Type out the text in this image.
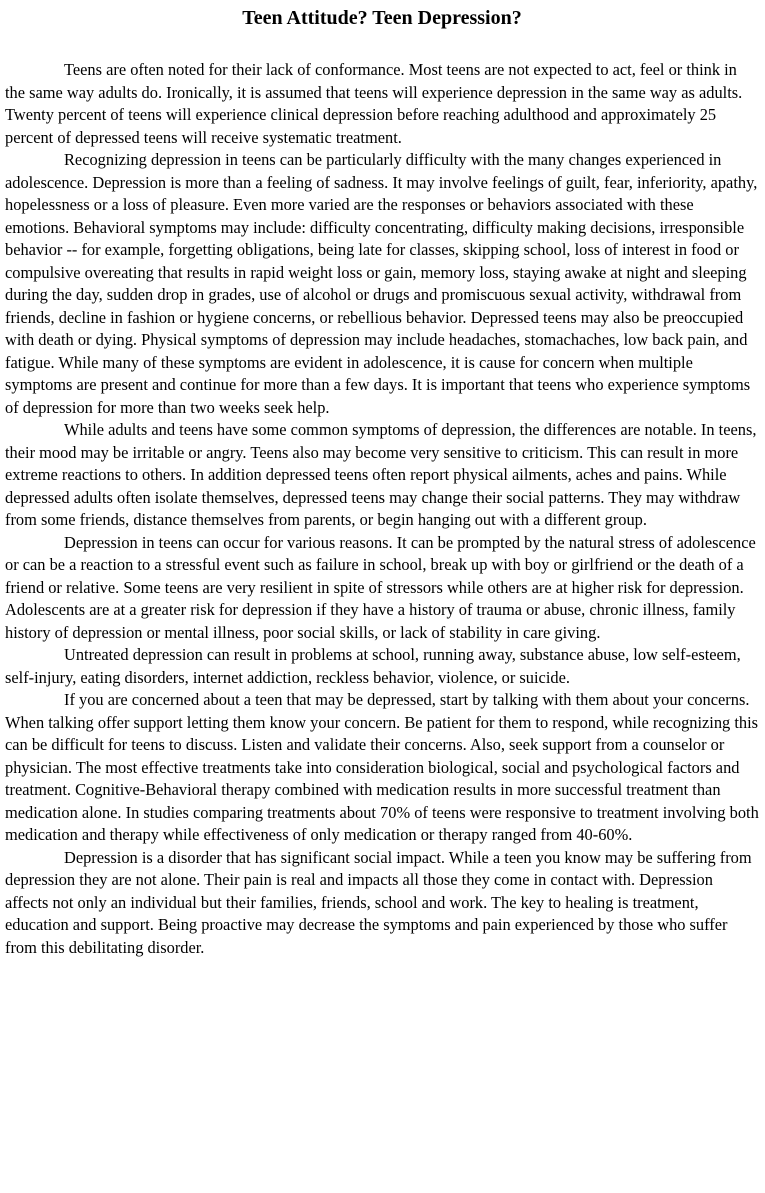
Teen Attitude? Teen Depression?

Teens are often noted for their lack of conformance. Most teens are not expected to act, feel or think in the same way adults do. Ironically, it is assumed that teens will experience depression in the same way as adults. Twenty percent of teens will experience clinical depression before reaching adulthood and approximately 25 percent of depressed teens will receive systematic treatment.

Recognizing depression in teens can be particularly difficulty with the many changes experienced in adolescence. Depression is more than a feeling of sadness. It may involve feelings of guilt, fear, inferiority, apathy, hopelessness or a loss of pleasure. Even more varied are the responses or behaviors associated with these emotions. Behavioral symptoms may include: difficulty concentrating, difficulty making decisions, irresponsible behavior -- for example, forgetting obligations, being late for classes, skipping school, loss of interest in food or compulsive overeating that results in rapid weight loss or gain, memory loss, staying awake at night and sleeping during the day, sudden drop in grades, use of alcohol or drugs and promiscuous sexual activity, withdrawal from friends, decline in fashion or hygiene concerns, or rebellious behavior. Depressed teens may also be preoccupied with death or dying. Physical symptoms of depression may include headaches, stomachaches, low back pain, and fatigue. While many of these symptoms are evident in adolescence, it is cause for concern when multiple symptoms are present and continue for more than a few days. It is important that teens who experience symptoms of depression for more than two weeks seek help.

While adults and teens have some common symptoms of depression, the differences are notable. In teens, their mood may be irritable or angry. Teens also may become very sensitive to criticism. This can result in more extreme reactions to others. In addition depressed teens often report physical ailments, aches and pains. While depressed adults often isolate themselves, depressed teens may change their social patterns. They may withdraw from some friends, distance themselves from parents, or begin hanging out with a different group.

Depression in teens can occur for various reasons. It can be prompted by the natural stress of adolescence or can be a reaction to a stressful event such as failure in school, break up with boy or girlfriend or the death of a friend or relative. Some teens are very resilient in spite of stressors while others are at higher risk for depression. Adolescents are at a greater risk for depression if they have a history of trauma or abuse, chronic illness, family history of depression or mental illness, poor social skills, or lack of stability in care giving.

Untreated depression can result in problems at school, running away, substance abuse, low self-esteem, self-injury, eating disorders, internet addiction, reckless behavior, violence, or suicide.

If you are concerned about a teen that may be depressed, start by talking with them about your concerns. When talking offer support letting them know your concern. Be patient for them to respond, while recognizing this can be difficult for teens to discuss. Listen and validate their concerns. Also, seek support from a counselor or physician. The most effective treatments take into consideration biological, social and psychological factors and treatment. Cognitive-Behavioral therapy combined with medication results in more successful treatment than medication alone. In studies comparing treatments about 70% of teens were responsive to treatment involving both medication and therapy while effectiveness of only medication or therapy ranged from 40-60%.

Depression is a disorder that has significant social impact. While a teen you know may be suffering from depression they are not alone. Their pain is real and impacts all those they come in contact with. Depression affects not only an individual but their families, friends, school and work. The key to healing is treatment, education and support. Being proactive may decrease the symptoms and pain experienced by those who suffer from this debilitating disorder.
